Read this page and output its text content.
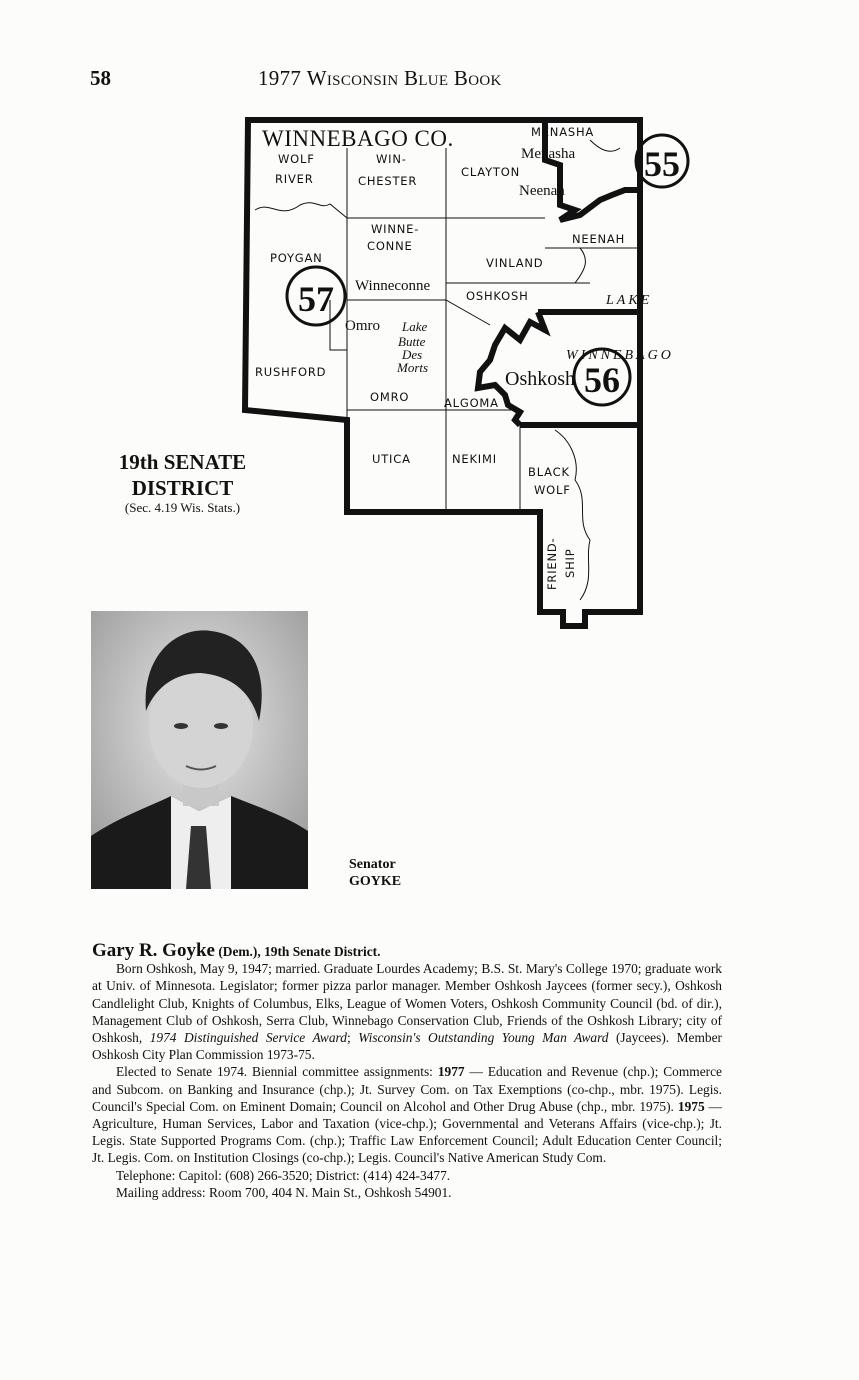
58	1977 Wisconsin Blue Book
55
57
56
WINNEBAGO CO.
WOLF
RIVER
WIN-
CHESTER
CLAYTON
MENASHA
NEENAH
POYGAN
WINNE-
CONNE
VINLAND
OSHKOSH
RUSHFORD
OMRO	ALGOMA
UTICA	NEKIMI
BLACK
WOLF
FRIEND- SHIP
Menasha
Neenah
Winneconne
Omro
Oshkosh
Lake
Butte
Des
Morts
LAKE
WINNEBAGO
19th SENATE
DISTRICT
(Sec. 4.19 Wis. Stats.)
Senator
GOYKE

Gary R. Goyke (Dem.), 19th Senate District.

Born Oshkosh, May 9, 1947; married. Graduate Lourdes Academy; B.S. St. Mary's College 1970; graduate work at Univ. of Minnesota. Legislator; former pizza parlor manager. Member Oshkosh Jaycees (former secy.), Oshkosh Candlelight Club, Knights of Columbus, Elks, League of Women Voters, Oshkosh Community Council (bd. of dir.), Management Club of Oshkosh, Serra Club, Winnebago Conservation Club, Friends of the Oshkosh Library; city of Oshkosh, 1974 Distinguished Service Award; Wisconsin's Outstanding Young Man Award (Jaycees). Member Oshkosh City Plan Commission 1973-75.

Elected to Senate 1974. Biennial committee assignments: 1977 — Education and Revenue (chp.); Commerce and Subcom. on Banking and Insurance (chp.); Jt. Survey Com. on Tax Exemptions (co-chp., mbr. 1975). Legis. Council's Special Com. on Eminent Domain; Council on Alcohol and Other Drug Abuse (chp., mbr. 1975). 1975 — Agriculture, Human Services, Labor and Taxation (vice-chp.); Governmental and Veterans Affairs (vice-chp.); Jt. Legis. State Supported Programs Com. (chp.); Traffic Law Enforcement Council; Adult Education Center Council; Jt. Legis. Com. on Institution Closings (co-chp.); Legis. Council's Native American Study Com.

Telephone: Capitol: (608) 266-3520; District: (414) 424-3477.

Mailing address: Room 700, 404 N. Main St., Oshkosh 54901.
